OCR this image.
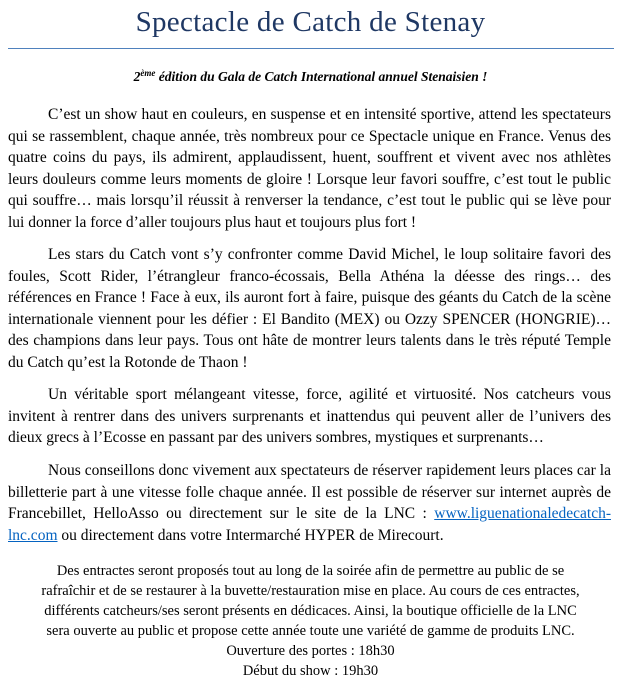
Spectacle de Catch de Stenay

2ème édition du Gala de Catch International annuel Stenaisien !

C’est un show haut en couleurs, en suspense et en intensité sportive, attend les spectateurs qui se rassemblent, chaque année, très nombreux pour ce Spectacle unique en France. Venus des quatre coins du pays, ils admirent, applaudissent, huent, souffrent et vivent avec nos athlètes leurs douleurs comme leurs moments de gloire ! Lorsque leur favori souffre, c’est tout le public qui souffre… mais lorsqu’il réussit à renverser la tendance, c’est tout le public qui se lève pour lui donner la force d’aller toujours plus haut et toujours plus fort !

Les stars du Catch vont s’y confronter comme David Michel, le loup solitaire favori des foules, Scott Rider, l’étrangleur franco-écossais, Bella Athéna la déesse des rings… des références en France ! Face à eux, ils auront fort à faire, puisque des géants du Catch de la scène internationale viennent pour les défier : El Bandito (MEX) ou Ozzy SPENCER (HONGRIE)… des champions dans leur pays. Tous ont hâte de montrer leurs talents dans le très réputé Temple du Catch qu’est la Rotonde de Thaon !

Un véritable sport mélangeant vitesse, force, agilité et virtuosité. Nos catcheurs vous invitent à rentrer dans des univers surprenants et inattendus qui peuvent aller de l’univers des dieux grecs à l’Ecosse en passant par des univers sombres, mystiques et surprenants…

Nous conseillons donc vivement aux spectateurs de réserver rapidement leurs places car la billetterie part à une vitesse folle chaque année. Il est possible de réserver sur internet auprès de Francebillet, HelloAsso ou directement sur le site de la LNC : www.liguenationaledecatch-lnc.com ou directement dans votre Intermarché HYPER de Mirecourt.

Des entractes seront proposés tout au long de la soirée afin de permettre au public de se
rafraîchir et de se restaurer à la buvette/restauration mise en place. Au cours de ces entractes,
différents catcheurs/ses seront présents en dédicaces. Ainsi, la boutique officielle de la LNC
sera ouverte au public et propose cette année toute une variété de gamme de produits LNC.
Ouverture des portes : 18h30
Début du show : 19h30
